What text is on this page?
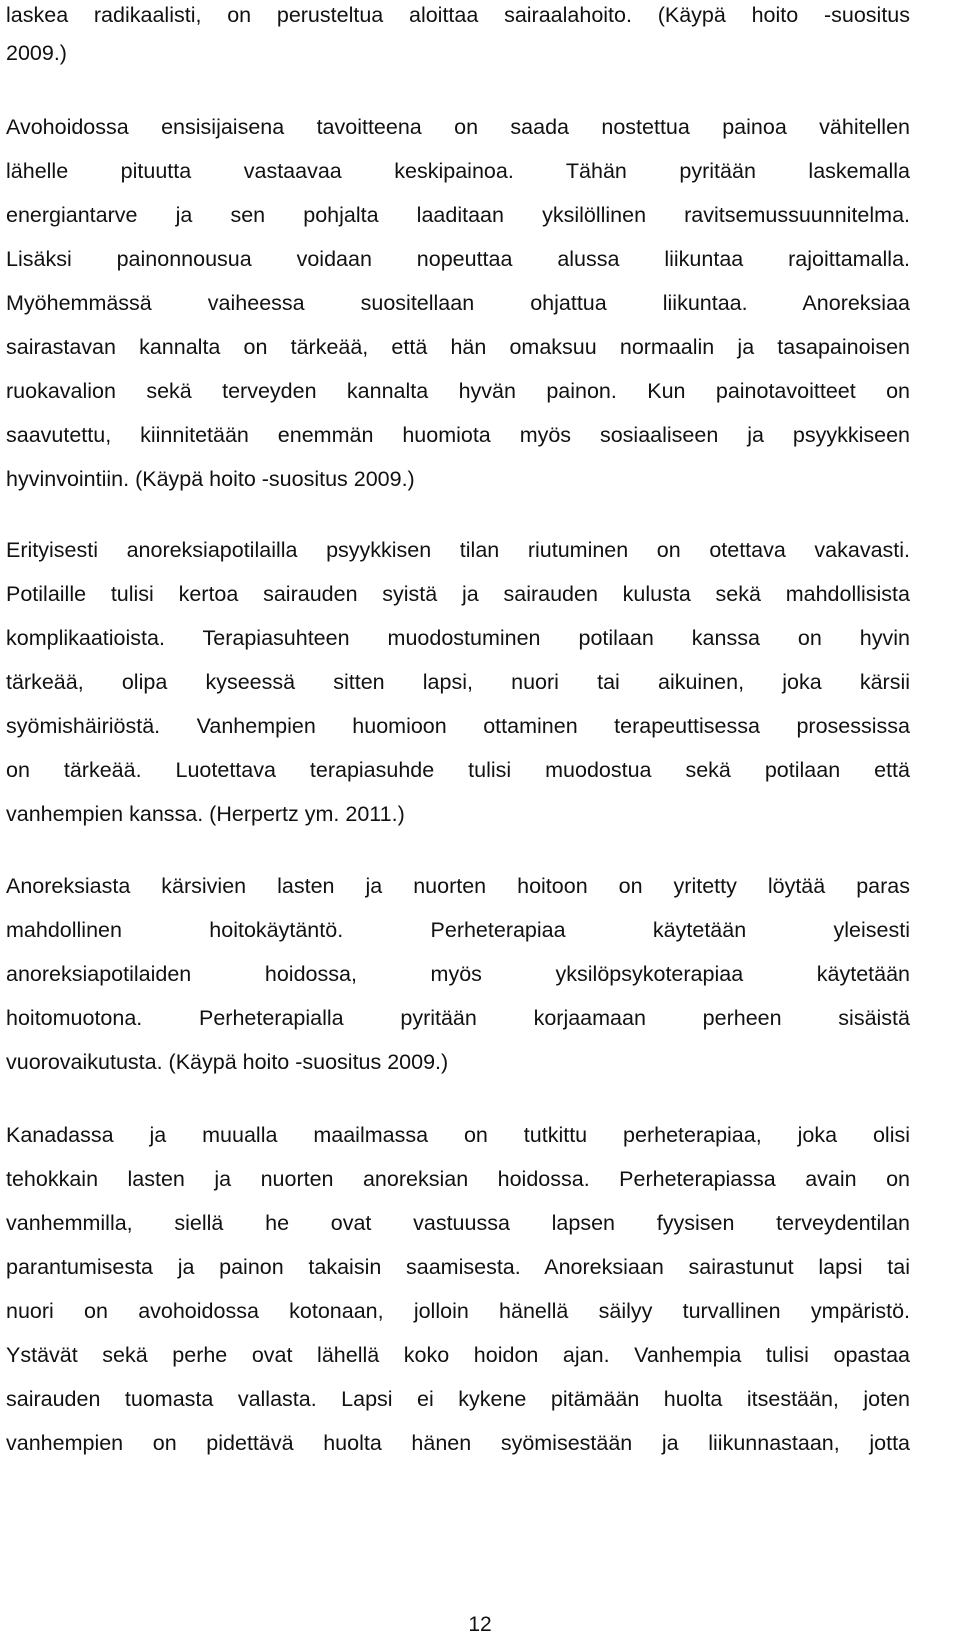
laskea radikaalisti, on perusteltua aloittaa sairaalahoito. (Käypä hoito -suositus
2009.)
Avohoidossa ensisijaisena tavoitteena on saada nostettua painoa vähitellen
lähelle pituutta vastaavaa keskipainoa. Tähän pyritään laskemalla
energiantarve ja sen pohjalta laaditaan yksilöllinen ravitsemussuunnitelma.
Lisäksi painonnousua voidaan nopeuttaa alussa liikuntaa rajoittamalla.
Myöhemmässä vaiheessa suositellaan ohjattua liikuntaa. Anoreksiaa
sairastavan kannalta on tärkeää, että hän omaksuu normaalin ja tasapainoisen
ruokavalion sekä terveyden kannalta hyvän painon. Kun painotavoitteet on
saavutettu, kiinnitetään enemmän huomiota myös sosiaaliseen ja psyykkiseen
hyvinvointiin. (Käypä hoito -suositus 2009.)
Erityisesti anoreksiapotilailla psyykkisen tilan riutuminen on otettava vakavasti.
Potilaille tulisi kertoa sairauden syistä ja sairauden kulusta sekä mahdollisista
komplikaatioista. Terapiasuhteen muodostuminen potilaan kanssa on hyvin
tärkeää, olipa kyseessä sitten lapsi, nuori tai aikuinen, joka kärsii
syömishäiriöstä. Vanhempien huomioon ottaminen terapeuttisessa prosessissa
on tärkeää. Luotettava terapiasuhde tulisi muodostua sekä potilaan että
vanhempien kanssa. (Herpertz ym. 2011.)
Anoreksiasta kärsivien lasten ja nuorten hoitoon on yritetty löytää paras
mahdollinen hoitokäytäntö. Perheterapiaa käytetään yleisesti
anoreksiapotilaiden hoidossa, myös yksilöpsykoterapiaa käytetään
hoitomuotona. Perheterapialla pyritään korjaamaan perheen sisäistä
vuorovaikutusta. (Käypä hoito -suositus 2009.)
Kanadassa ja muualla maailmassa on tutkittu perheterapiaa, joka olisi
tehokkain lasten ja nuorten anoreksian hoidossa. Perheterapiassa avain on
vanhemmilla, siellä he ovat vastuussa lapsen fyysisen terveydentilan
parantumisesta ja painon takaisin saamisesta. Anoreksiaan sairastunut lapsi tai
nuori on avohoidossa kotonaan, jolloin hänellä säilyy turvallinen ympäristö.
Ystävät sekä perhe ovat lähellä koko hoidon ajan. Vanhempia tulisi opastaa
sairauden tuomasta vallasta. Lapsi ei kykene pitämään huolta itsestään, joten
vanhempien on pidettävä huolta hänen syömisestään ja liikunnastaan, jotta
12
